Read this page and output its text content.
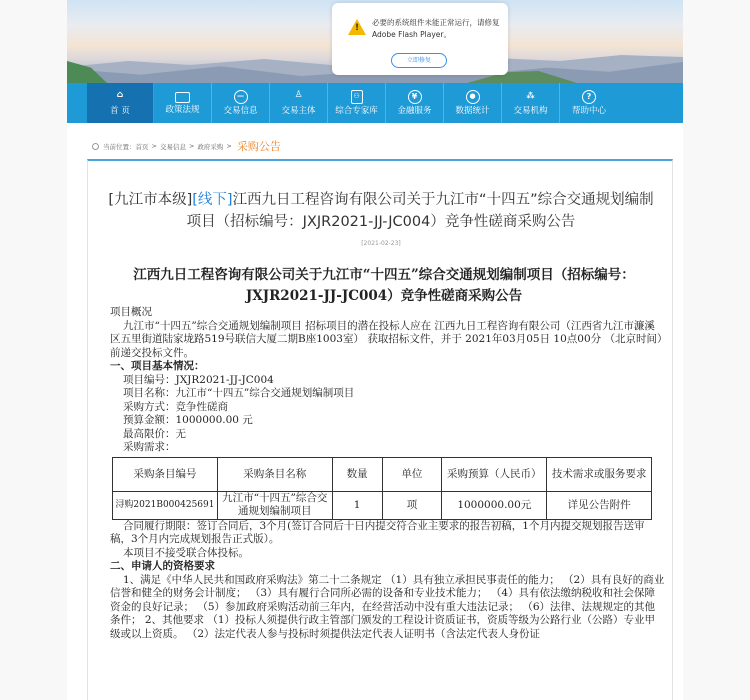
!
必要的系统组件未能正常运行，请修复 Adobe Flash Player。
立即修复
⌂
首 页	政策法规
—
交易信息
♙
交易主体
⚇
综合专家库
¥
金融服务
●
数据统计
⁂
交易机构
?
帮助中心
当前位置： 首页 > 交易信息 > 政府采购 > 采购公告
[九江市本级][线下]江西九日工程咨询有限公司关于九江市“十四五”综合交通规划编制项目（招标编号：JXJR2021-JJ-JC004）竞争性磋商采购公告
[2021-02-23]
江西九日工程咨询有限公司关于九江市“十四五”综合交通规划编制项目（招标编号：JXJR2021-JJ-JC004）竞争性磋商采购公告

项目概况

九江市“十四五”综合交通规划编制项目 招标项目的潜在投标人应在 江西九日工程咨询有限公司（江西省九江市濂溪区五里街道陆家垅路519号联信大厦二期B座1003室） 获取招标文件，并于 2021年03月05日 10点00分 （北京时间）前递交投标文件。

一、项目基本情况：

项目编号：JXJR2021-JJ-JC004

项目名称：九江市“十四五”综合交通规划编制项目

采购方式：竞争性磋商

预算金额：1000000.00 元

最高限价：无

采购需求：

采购条目编号	采购条目名称	数量	单位	采购预算（人民币）	技术需求或服务要求
浔购2021B000425691	九江市“十四五”综合交通规划编制项目	1	项	1000000.00元	详见公告附件

合同履行期限：签订合同后，3个月(签订合同后十日内提交符合业主要求的报告初稿，1个月内提交规划报告送审稿，3个月内完成规划报告正式版）。

本项目不接受联合体投标。

二、申请人的资格要求

1、满足《中华人民共和国政府采购法》第二十二条规定 （1）具有独立承担民事责任的能力； （2）具有良好的商业信誉和健全的财务会计制度； （3）具有履行合同所必需的设备和专业技术能力； （4）具有依法缴纳税收和社会保障资金的良好记录； （5）参加政府采购活动前三年内，在经营活动中没有重大违法记录； （6）法律、法规规定的其他条件； 2、其他要求 （1）投标人须提供行政主管部门颁发的工程设计资质证书，资质等级为公路行业（公路）专业甲级或以上资质。 （2）法定代表人参与投标时须提供法定代表人证明书（含法定代表人身份证
